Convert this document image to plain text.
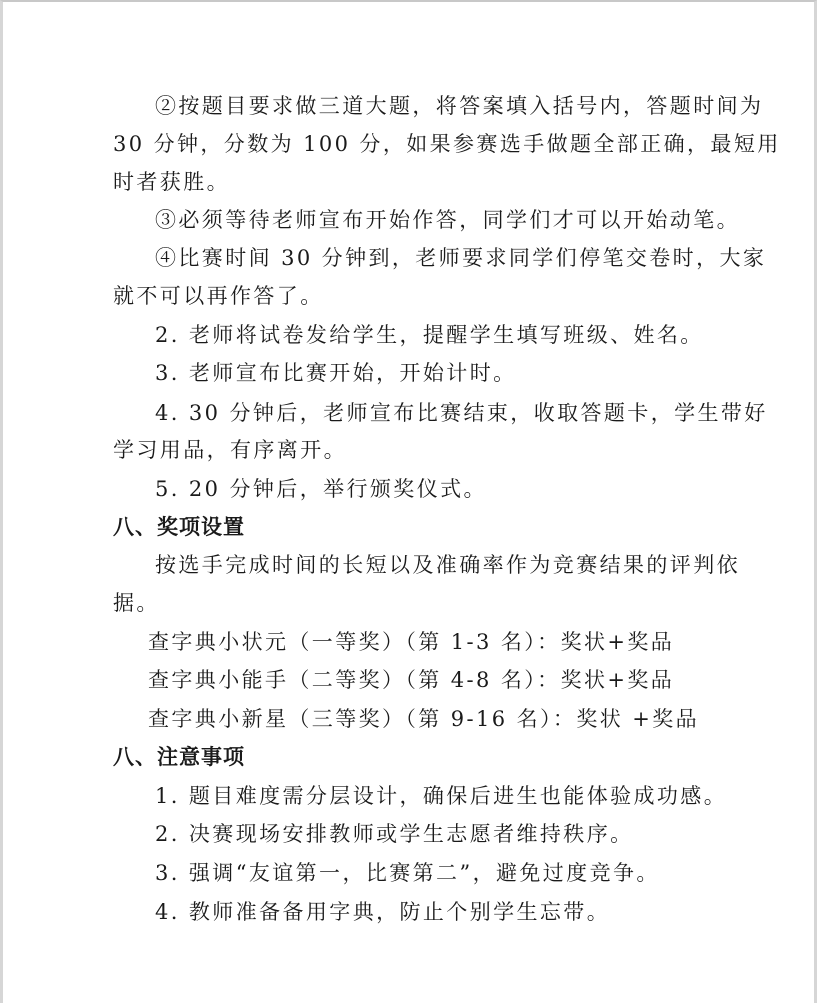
②按题目要求做三道大题，将答案填入括号内，答题时间为
30 分钟，分数为 100 分，如果参赛选手做题全部正确，最短用
时者获胜。
③必须等待老师宣布开始作答，同学们才可以开始动笔。
④比赛时间 30 分钟到，老师要求同学们停笔交卷时，大家
就不可以再作答了。
2. 老师将试卷发给学生，提醒学生填写班级、姓名。
3. 老师宣布比赛开始，开始计时。
4. 30 分钟后，老师宣布比赛结束，收取答题卡，学生带好
学习用品，有序离开。
5. 20 分钟后，举行颁奖仪式。
八、奖项设置
按选手完成时间的长短以及准确率作为竞赛结果的评判依
据。
查字典小状元（一等奖）（第 1-3 名）：奖状+奖品
查字典小能手（二等奖）（第 4-8 名）：奖状+奖品
查字典小新星（三等奖）（第 9-16 名）：奖状 +奖品
八、注意事项
1. 题目难度需分层设计，确保后进生也能体验成功感。
2. 决赛现场安排教师或学生志愿者维持秩序。
3. 强调“友谊第一，比赛第二”，避免过度竞争。
4. 教师准备备用字典，防止个别学生忘带。
